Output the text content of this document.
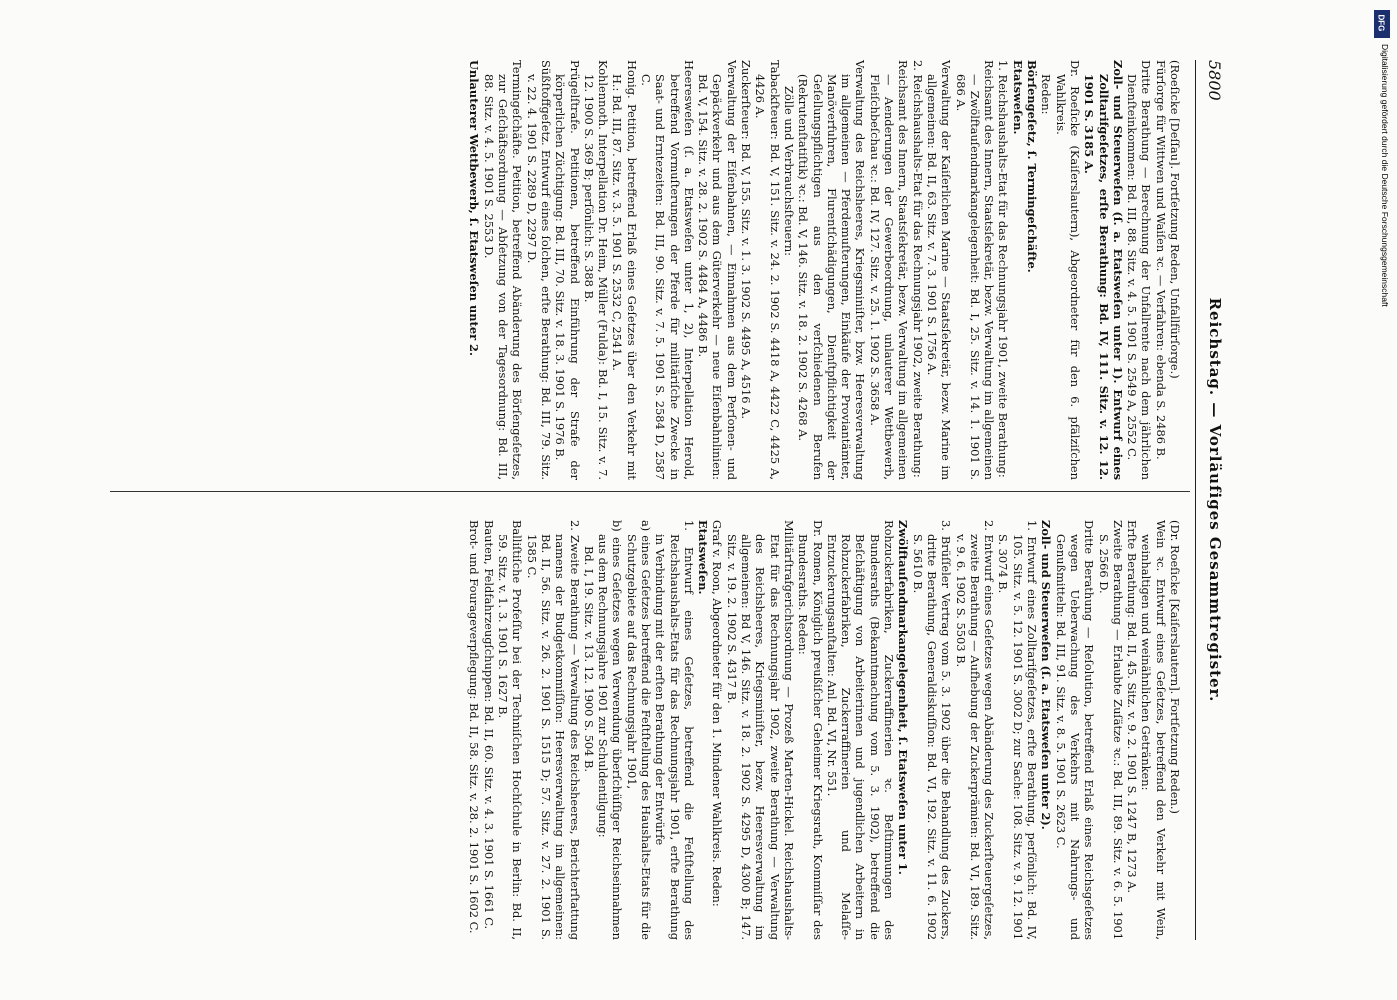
5800
Reichstag. — Vorläufiges Gesammtregister.

(Roeſicke [Deſſau]. Fortſetzung Reden, Unfallfürſorge.)

Fürſorge für Wittwen und Waiſen ꝛc. — Verfahren: ebenda S. 2486 B.

Dritte Berathung — Berechnung der Unfallrente nach dem jährlichen Dienſteinkommen: Bd. III, 88. Sitz. v. 4. 5. 1901 S. 2549 A, 2552 C.

Zoll- und Steuerweſen (ſ. a. Etatsweſen unter 1). Entwurf eines Zolltarifgeſetzes, erſte Berathung: Bd. IV, 111. Sitz. v. 12. 12. 1901 S. 3185 A.

Dr. Roeſicke (Kaiſerslautern), Abgeordneter für den 6. pfälziſchen Wahlkreis.

Reden:

Börſengeſetz, ſ. Termingeſchäfte.

Etatsweſen.

1. Reichshaushalts-Etat für das Rechnungsjahr 1901, zweite Berathung:

Reichsamt des Innern, Staatsſekretär, bezw. Verwaltung im allgemeinen — Zwölftauſendmarkangelegenheit: Bd. I, 25. Sitz. v. 14. 1. 1901 S. 686 A.

Verwaltung der Kaiſerlichen Marine — Staatsſekretär, bezw. Marine im allgemeinen: Bd. II, 63. Sitz. v. 7. 3. 1901 S. 1756 A.

2. Reichshaushalts-Etat für das Rechnungsjahr 1902, zweite Berathung:

Reichsamt des Innern, Staatsſekretär, bezw. Verwaltung im allgemeinen — Aenderungen der Gewerbeordnung, unlauterer Wettbewerb, Fleiſchbeſchau ꝛc.: Bd. IV, 127. Sitz. v. 25. 1. 1902 S. 3658 A.

Verwaltung des Reichsheeres, Kriegsminiſter, bzw. Heeresverwaltung im allgemeinen — Pferdemuſterungen, Einkäufe der Proviantämter, Manöverfuhren, Flurentſchädigungen, Dienſtpflichtigkeit der Geſellungspflichtigen aus den verſchiedenen Berufen (Rekrutenſtatiſtik) ꝛc.: Bd. V, 146. Sitz. v. 18. 2. 1902 S. 4268 A.

Zölle und Verbrauchsſteuern:

Tabackſteuer: Bd. V, 151. Sitz. v. 24. 2. 1902 S. 4418 A, 4422 C, 4425 A, 4426 A.

Zuckerſteuer: Bd. V, 155. Sitz. v. 1. 3. 1902 S. 4495 A, 4516 A.

Verwaltung der Eiſenbahnen, — Einnahmen aus dem Perſonen- und Gepäckverkehr und aus dem Güterverkehr — neue Eiſenbahnlinien: Bd. V, 154. Sitz. v. 28. 2. 1902 S. 4484 A, 4486 B.

Heeresweſen (ſ. a. Etatsweſen unter 1, 2), Interpellation Herold, betreffend Vormuſterungen der Pferde für militäriſche Zwecke in Saat- und Erntezeiten: Bd. III, 90. Sitz. v. 7. 5. 1901 S. 2584 D, 2587 C.

Honig. Petition, betreffend Erlaß eines Geſetzes über den Verkehr mit H.: Bd. III, 87. Sitz. v. 3. 5. 1901 S. 2532 C, 2541 A.

Kohlennoth. Interpellation Dr. Heim, Müller (Fulda): Bd. I, 15. Sitz. v. 7. 12. 1900 S. 369 B; perſönlich: S. 388 B.

Prügelſtrafe. Petitionen, betreffend Einführung der Strafe der körperlichen Züchtigung: Bd. III, 70. Sitz. v. 18. 3. 1901 S. 1976 B.

Süßſtoffgeſetz. Entwurf eines ſolchen, erſte Berathung: Bd. III, 79. Sitz. v. 22. 4. 1901 S. 2289 D, 2297 D.

Termingeſchäfte. Petition, betreffend Abänderung des Börſengeſetzes, zur Geſchäftsordnung — Abſetzung von der Tagesordnung: Bd. III, 88. Sitz. v. 4. 5. 1901 S. 2553 D.

Unlauterer Wettbewerb, ſ. Etatsweſen unter 2.

(Dr. Roeſicke [Kaiſerslautern]. Fortſetzung Reden.)

Wein ꝛc. Entwurf eines Geſetzes, betreffend den Verkehr mit Wein, weinhaltigen und weinähnlichen Getränken:

Erſte Berathung: Bd. II, 45. Sitz. v. 9. 2. 1901 S. 1247 B, 1273 A.

Zweite Berathung — Erlaubte Zuſätze ꝛc.: Bd. III, 89. Sitz. v. 6. 5. 1901 S. 2566 D.

Dritte Berathung — Reſolution, betreffend Erlaß eines Reichsgeſetzes wegen Ueberwachung des Verkehrs mit Nahrungs- und Genußmitteln: Bd. III, 91. Sitz. v. 8. 5. 1901 S. 2623 C.

Zoll- und Steuerweſen (ſ. a. Etatsweſen unter 2).

1. Entwurf eines Zolltarifgeſetzes, erſte Berathung, perſönlich: Bd. IV, 105. Sitz. v. 5. 12. 1901 S. 3002 D; zur Sache: 108. Sitz. v. 9. 12. 1901 S. 3074 B.

2. Entwurf eines Geſetzes wegen Abänderung des Zuckerſteuergeſetzes, zweite Berathung — Aufhebung der Zuckerprämien: Bd. VI, 189. Sitz. v. 9. 6. 1902 S. 5503 B.

3. Brüſſeler Vertrag vom 5. 3. 1902 über die Behandlung des Zuckers, dritte Berathung, Generaldiskuſſion: Bd. VI, 192. Sitz. v. 11. 6. 1902 S. 5610 B.

Zwölftauſendmarkangelegenheit, ſ. Etatsweſen unter 1.

Rohzuckerfabriken, Zuckerraffinerien ꝛc. Beſtimmungen des Bundesraths (Bekanntmachung vom 5. 3. 1902), betreffend die Beſchäftigung von Arbeiterinnen und jugendlichen Arbeitern in Rohzuckerfabriken, Zuckerraffinerien und Melaſſe-Entzuckerungsanſtalten: Anl. Bd. VI, Nr. 551.

Dr. Romen, Königlich preußiſcher Geheimer Kriegsrath, Kommiſſar des Bundesraths. Reden:

Militärſtrafgerichtsordnung — Prozeß Marten-Hickel. Reichshaushalts-Etat für das Rechnungsjahr 1902, zweite Berathung — Verwaltung des Reichsheeres, Kriegsminiſter, bezw. Heeresverwaltung im allgemeinen: Bd V, 146. Sitz. v. 18. 2. 1902 S. 4295 D, 4300 B; 147. Sitz. v. 19. 2. 1902 S. 4317 B.

Graf v. Roon, Abgeordneter für den 1. Mindener Wahlkreis. Reden:

Etatsweſen.

1. Entwurf eines Geſetzes, betreffend die Feſtſtellung des Reichshaushalts-Etats für das Rechnungsjahr 1901, erſte Berathung in Verbindung mit der erſten Berathung der Entwürfe

a) eines Geſetzes betreffend die Feſtſtellung des Haushalts-Etats für die Schutzgebiete auf das Rechnungsjahr 1901,

b) eines Geſetzes wegen Verwendung überſchüſſiger Reichseinnahmen aus dem Rechnungsjahre 1901 zur Schuldentilgung:

Bd. I, 19. Sitz. v. 13. 12. 1900 S. 504 B.

2. Zweite Berathung — Verwaltung des Reichsheeres, Berichterſtattung namens der Budgetkommiſſion: Heeresverwaltung im allgemeinen: Bd. II, 56. Sitz. v. 26. 2. 1901 S. 1515 D; 57. Sitz. v. 27. 2. 1901 S. 1585 C.

Balliſtiſche Profeſſur bei der Techniſchen Hochſchule in Berlin: Bd. II, 59. Sitz. v. 1. 3. 1901 S. 1627 B.

Bauten, Feldfahrzeugſchuppen: Bd. II, 60. Sitz. v. 4. 3. 1901 S. 1661 C.

Brot- und Fourageverpflegung: Bd. II, 58. Sitz. v. 28. 2. 1901 S. 1602 C.

DFG
Digitalisierung gefördert durch die Deutsche Forschungsgemeinschaft
